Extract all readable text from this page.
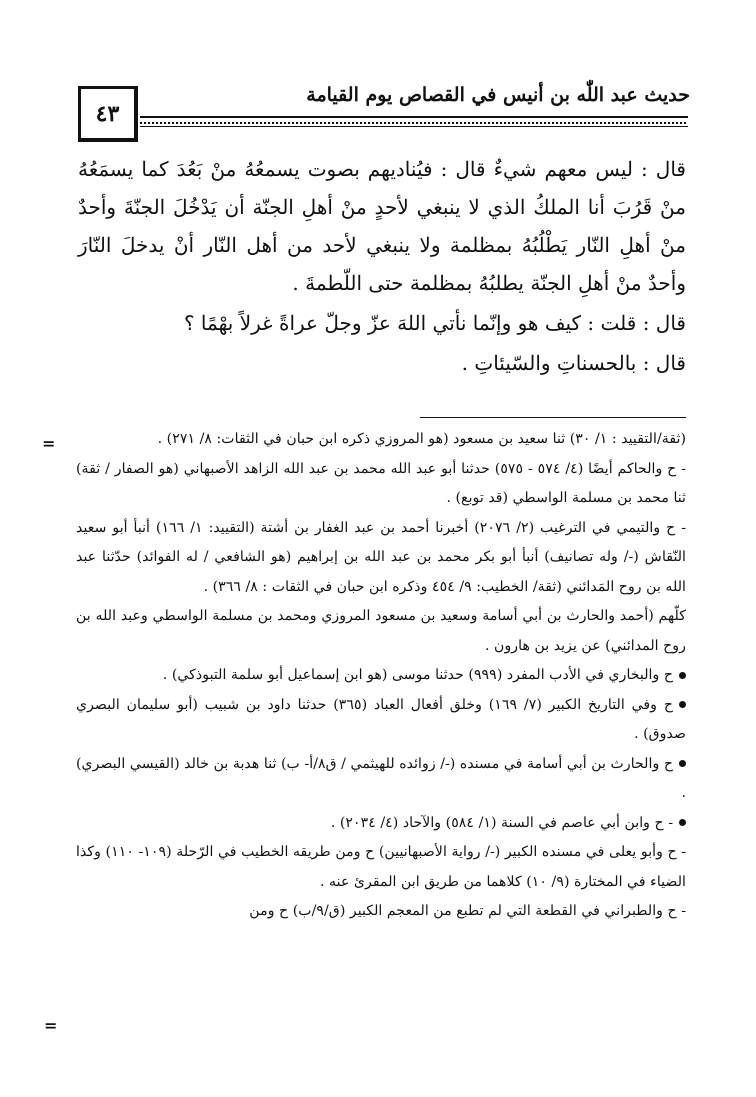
حديث عبد اللّٰه بن أنيس في القصاص يوم القيامة
٤٣

قال : ليس معهم شيءٌ قال : فيُناديهم بصوت يسمعُهُ منْ بَعُدَ كما يسمَعُهُ منْ قَرُبَ أنا الملكُ الذي لا ينبغي لأحدٍ منْ أهلِ الجنّة أن يَدْخُلَ الجنّةَ وأحدٌ منْ أهلِ النّار يَطْلُبُهُ بمظلمة ولا ينبغي لأحد من أهل النّار أنْ يدخلَ النّارَ وأحدٌ منْ أهلِ الجنّة يطلبُهُ بمظلمة حتى اللّطمةَ .

قال : قلت : كيف هو وإنّما نأتي اللهَ عزّ وجلّ عراةً غرلاً بهْمًا ؟

قال : بالحسناتِ والسّيئاتِ .

=
=

(ثقة/التقييد : ١/ ٣٠) ثنا سعيد بن مسعود (هو المروزي ذكره ابن حبان في الثقات: ٨/ ٢٧١) .

- ح والحاكم أيضًا (٤/ ٥٧٤ - ٥٧٥) حدثنا أبو عبد الله محمد بن عبد الله الزاهد الأصبهاني (هو الصفار / ثقة) ثنا محمد بن مسلمة الواسطي (قد توبع) .

- ح والتيمي في الترغيب (٢/ ٢٠٧٦) أخبرنا أحمد بن عبد الغفار بن أشتة (التقييد: ١/ ١٦٦) أنبأ أبو سعيد النّقاش (-/ وله تصانيف) أنبأ أبو بكر محمد بن عبد الله بن إبراهيم (هو الشافعي / له الفوائد) حدّثنا عبد الله بن روح المَدائني (ثقة/ الخطيب: ٩/ ٤٥٤ وذكره ابن حبان في الثقات : ٨/ ٣٦٦) .

كلّهم (أحمد والحارث بن أبي أسامة وسعيد بن مسعود المروزي ومحمد بن مسلمة الواسطي وعبد الله بن روح المدائني) عن يزيد بن هارون .

ح والبخاري في الأدب المفرد (٩٩٩) حدثنا موسى (هو ابن إسماعيل أبو سلمة التبوذكي) .

ح وفي التاريخ الكبير (٧/ ١٦٩) وخلق أفعال العباد (٣٦٥) حدثنا داود بن شبيب (أبو سليمان البصري صدوق) .

ح والحارث بن أبي أسامة في مسنده (-/ زوائده للهيثمي / ق٨/أ- ب) ثنا هدبة بن خالد (القيسي البصري) .

- ح وابن أبي عاصم في السنة (١/ ٥٨٤) والآحاد (٤/ ٢٠٣٤) .

- ح وأبو يعلى في مسنده الكبير (-/ رواية الأصبهانيين) ح ومن طريقه الخطيب في الرّحلة (١٠٩- ١١٠) وكذا الضياء في المختارة (٩/ ١٠) كلاهما من طريق ابن المقرئ عنه .

- ح والطبراني في القطعة التي لم تطبع من المعجم الكبير (ق/٩/ب) ح ومن
